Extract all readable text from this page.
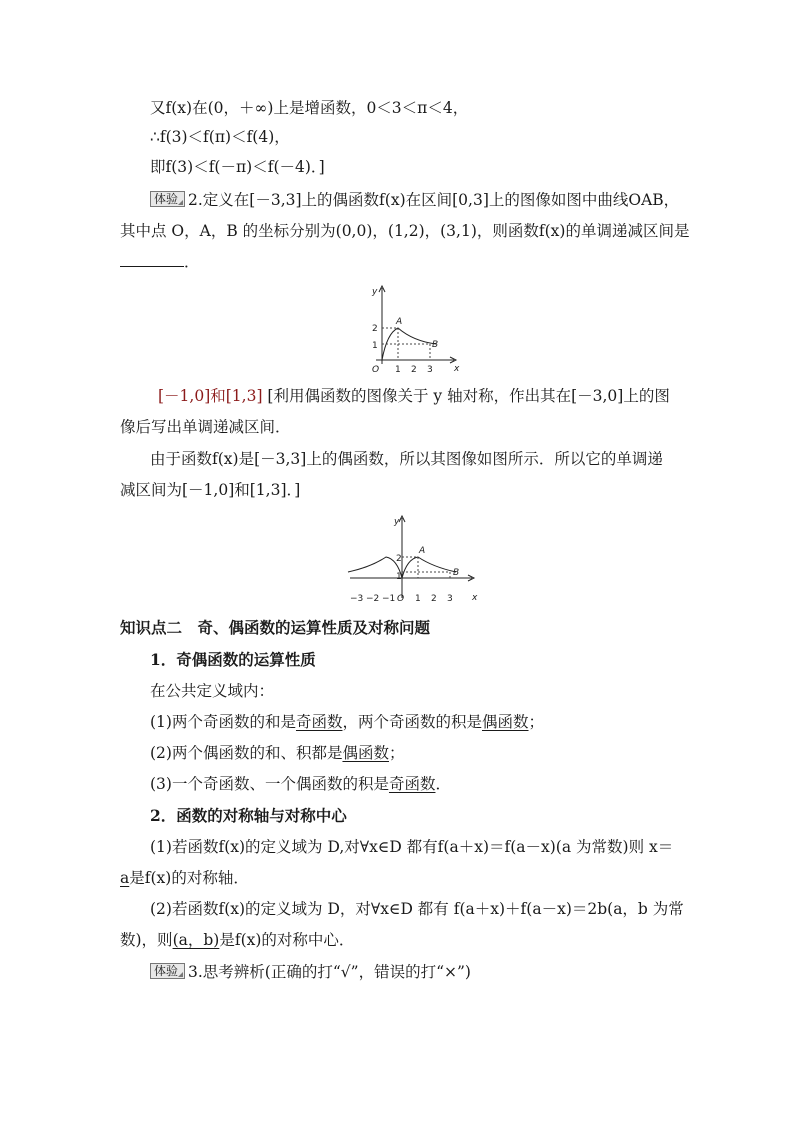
又f(x)在(0，＋∞)上是增函数，0＜3＜π＜4，
∴f(3)＜f(π)＜f(4)，
即f(3)＜f(－π)＜f(－4)．]
体验 2.定义在[－3,3]上的偶函数f(x)在区间[0,3]上的图像如图中曲线OAB，
其中点 O，A，B 的坐标分别为(0,0)，(1,2)，(3,1)，则函数f(x)的单调递减区间是
．
y
x
O
2
1
1 2 3
A
B
[－1,0]和[1,3] [利用偶函数的图像关于 y 轴对称，作出其在[－3,0]上的图
像后写出单调递减区间．
由于函数f(x)是[－3,3]上的偶函数，所以其图像如图所示．所以它的单调递
减区间为[－1,0]和[1,3]．]
y
x
O
2
1
−3 −2 −1 1 2 3
A
B
知识点二　奇、偶函数的运算性质及对称问题
1．奇偶函数的运算性质
在公共定义域内：
(1)两个奇函数的和是奇函数，两个奇函数的积是偶函数；
(2)两个偶函数的和、积都是偶函数；
(3)一个奇函数、一个偶函数的积是奇函数．
2．函数的对称轴与对称中心
(1)若函数f(x)的定义域为 D,对∀x∈D 都有f(a＋x)＝f(a－x)(a 为常数)则 x＝
a是f(x)的对称轴．
(2)若函数f(x)的定义域为 D，对∀x∈D 都有 f(a＋x)＋f(a－x)＝2b(a，b 为常
数)，则(a，b)是f(x)的对称中心．
体验 3.思考辨析(正确的打“√”，错误的打“×”)
